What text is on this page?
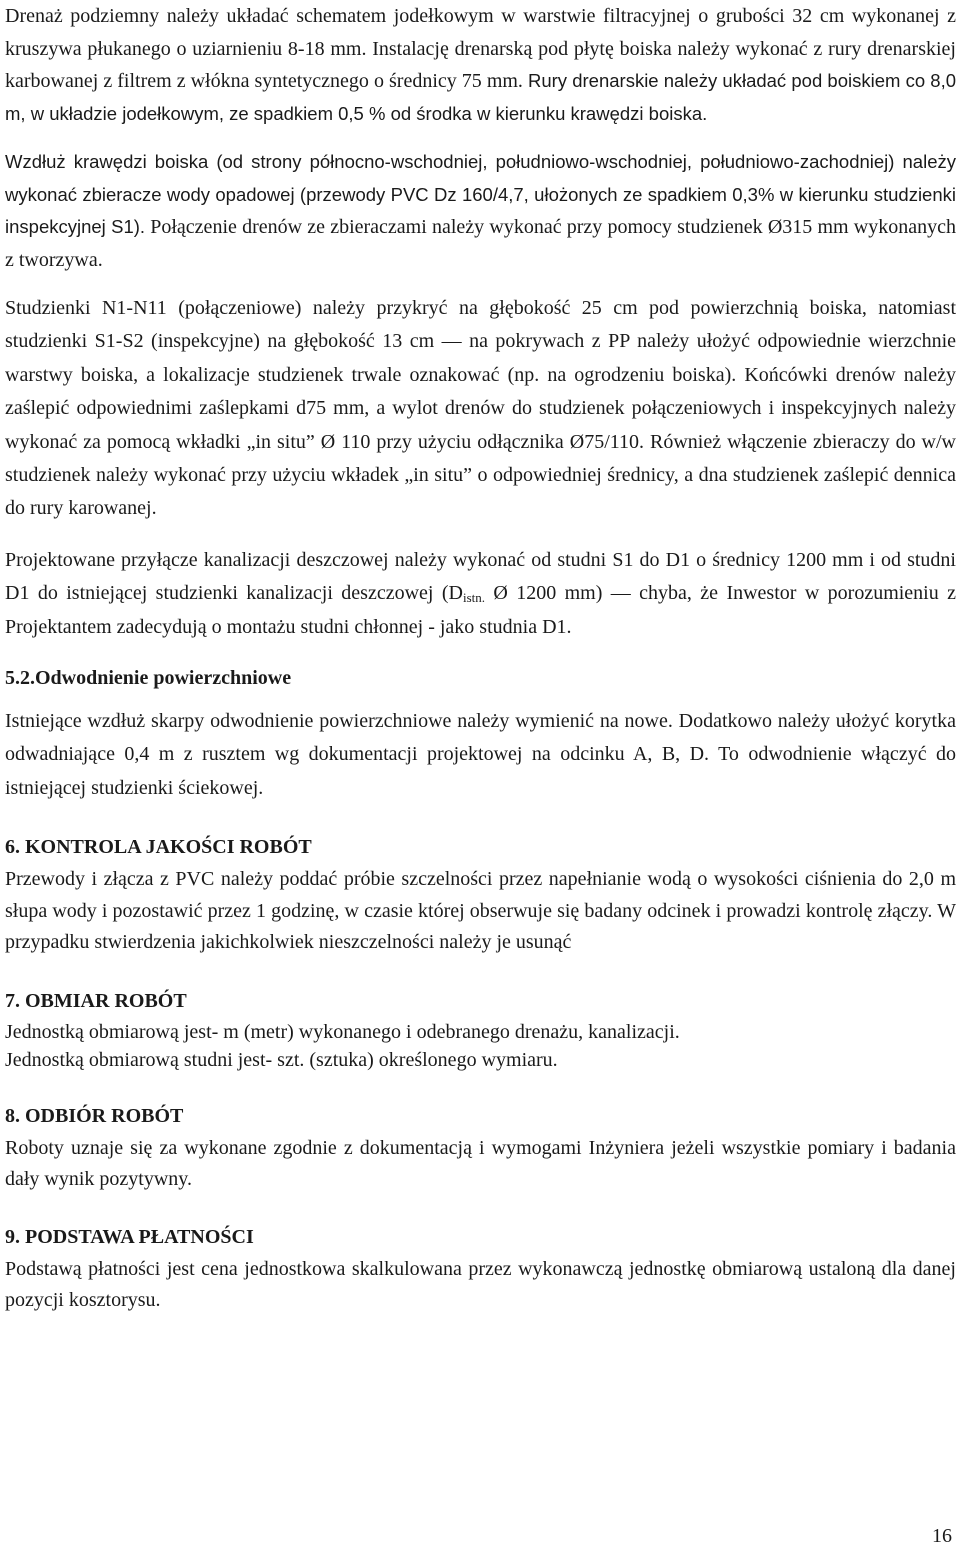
Drenaż podziemny należy układać schematem jodełkowym w warstwie filtracyjnej o grubości 32 cm wykonanej z kruszywa płukanego o uziarnieniu 8-18 mm. Instalację drenarską pod płytę boiska należy wykonać z rury drenarskiej karbowanej z filtrem z włókna syntetycznego o średnicy 75 mm. Rury drenarskie należy układać pod boiskiem co 8,0 m, w układzie jodełkowym, ze spadkiem 0,5 % od środka w kierunku krawędzi boiska.

Wzdłuż krawędzi boiska (od strony północno-wschodniej, południowo-wschodniej, południowo-zachodniej) należy wykonać zbieracze wody opadowej (przewody PVC Dz 160/4,7, ułożonych ze spadkiem 0,3% w kierunku studzienki inspekcyjnej S1). Połączenie drenów ze zbieraczami należy wykonać przy pomocy studzienek Ø315 mm wykonanych z tworzywa.

Studzienki N1-N11 (połączeniowe) należy przykryć na głębokość 25 cm pod powierzchnią boiska, natomiast studzienki S1-S2 (inspekcyjne) na głębokość 13 cm — na pokrywach z PP należy ułożyć odpowiednie wierzchnie warstwy boiska, a lokalizacje studzienek trwale oznakować (np. na ogrodzeniu boiska). Końcówki drenów należy zaślepić odpowiednimi zaślepkami d75 mm, a wylot drenów do studzienek połączeniowych i inspekcyjnych należy wykonać za pomocą wkładki „in situ” Ø 110 przy użyciu odłącznika Ø75/110. Również włączenie zbieraczy do w/w studzienek należy wykonać przy użyciu wkładek „in situ” o odpowiedniej średnicy, a dna studzienek zaślepić dennica do rury karowanej.

Projektowane przyłącze kanalizacji deszczowej należy wykonać od studni S1 do D1 o średnicy 1200 mm i od studni D1 do istniejącej studzienki kanalizacji deszczowej ($D_{istn.}$ Ø 1200 mm) — chyba, że Inwestor w porozumieniu z Projektantem zadecydują o montażu studni chłonnej - jako studnia D1.

5.2.Odwodnienie powierzchniowe

Istniejące wzdłuż skarpy odwodnienie powierzchniowe należy wymienić na nowe. Dodatkowo należy ułożyć korytka odwadniające 0,4 m z rusztem wg dokumentacji projektowej na odcinku A, B, D. To odwodnienie włączyć do istniejącej studzienki ściekowej.

6. KONTROLA JAKOŚCI ROBÓT

Przewody i złącza z PVC należy poddać próbie szczelności przez napełnianie wodą o wysokości ciśnienia do 2,0 m słupa wody i pozostawić przez 1 godzinę, w czasie której obserwuje się badany odcinek i prowadzi kontrolę złączy. W przypadku stwierdzenia jakichkolwiek nieszczelności należy je usunąć

7. OBMIAR ROBÓT

Jednostką obmiarową jest- m (metr) wykonanego i odebranego drenażu, kanalizacji.

Jednostką obmiarową studni jest- szt. (sztuka) określonego wymiaru.

8. ODBIÓR ROBÓT

Roboty uznaje się za wykonane zgodnie z dokumentacją i wymogami Inżyniera jeżeli wszystkie pomiary i badania dały wynik pozytywny.

9. PODSTAWA PŁATNOŚCI

Podstawą płatności jest cena jednostkowa skalkulowana przez wykonawczą jednostkę obmiarową ustaloną dla danej pozycji kosztorysu.

16
